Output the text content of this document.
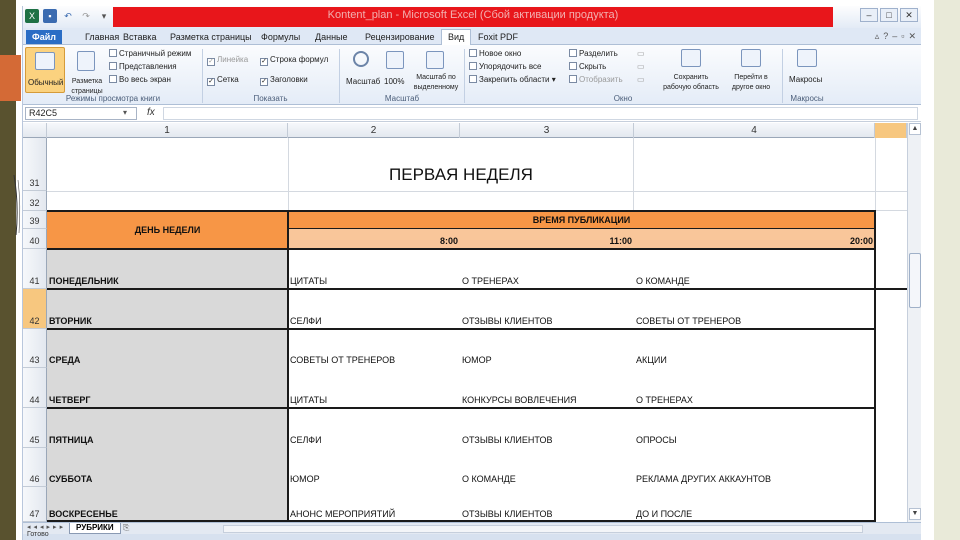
X	▪	↶	↷	▾	Kontent_plan - Microsoft Excel (Сбой активации продукта)	–	□	✕
Файл	Главная Вставка Разметка страницы Формулы Данные Рецензирование	Вид	Foxit PDF	▵ ? – ▫ ✕
Обычный	Разметка страницы
Страничный режим
Представления
Во весь экран
Режимы просмотра книги
✓ Линейка ✓ Строка формул
✓ Сетка	✓ Заголовки
Показать
Масштаб 100%	Масштаб по выделенному
Масштаб
Новое окно
Упорядочить все
Закрепить области ▾
Разделить
Скрыть
Отобразить
▭
▭
▭	Сохранить рабочую область
Перейти в другое окно
Окно
Макросы
Макросы
R42C5	▾ fx
1	2	3	4
31
32
39
40
41
42
43
44
45
46
47
ПЕРВАЯ НЕДЕЛЯ
ДЕНЬ НЕДЕЛИ
ВРЕМЯ ПУБЛИКАЦИИ
8:00	11:00	20:00
ПОНЕДЕЛЬНИК	ЦИТАТЫ	О ТРЕНЕРАХ	О КОМАНДЕ
ВТОРНИК	СЕЛФИ	ОТЗЫВЫ КЛИЕНТОВ	СОВЕТЫ ОТ ТРЕНЕРОВ
СРЕДА	СОВЕТЫ ОТ ТРЕНЕРОВ	ЮМОР	АКЦИИ
ЧЕТВЕРГ	ЦИТАТЫ	КОНКУРСЫ ВОВЛЕЧЕНИЯ	О ТРЕНЕРАХ
ПЯТНИЦА	СЕЛФИ	ОТЗЫВЫ КЛИЕНТОВ	ОПРОСЫ
СУББОТА	ЮМОР	О КОМАНДЕ	РЕКЛАМА ДРУГИХ АККАУНТОВ
ВОСКРЕСЕНЬЕ	АНОНС МЕРОПРИЯТИЙ	ОТЗЫВЫ КЛИЕНТОВ	ДО И ПОСЛЕ
▲
▼
◂◂◂▸▸▸	РУБРИКИ	⎘
Готово
